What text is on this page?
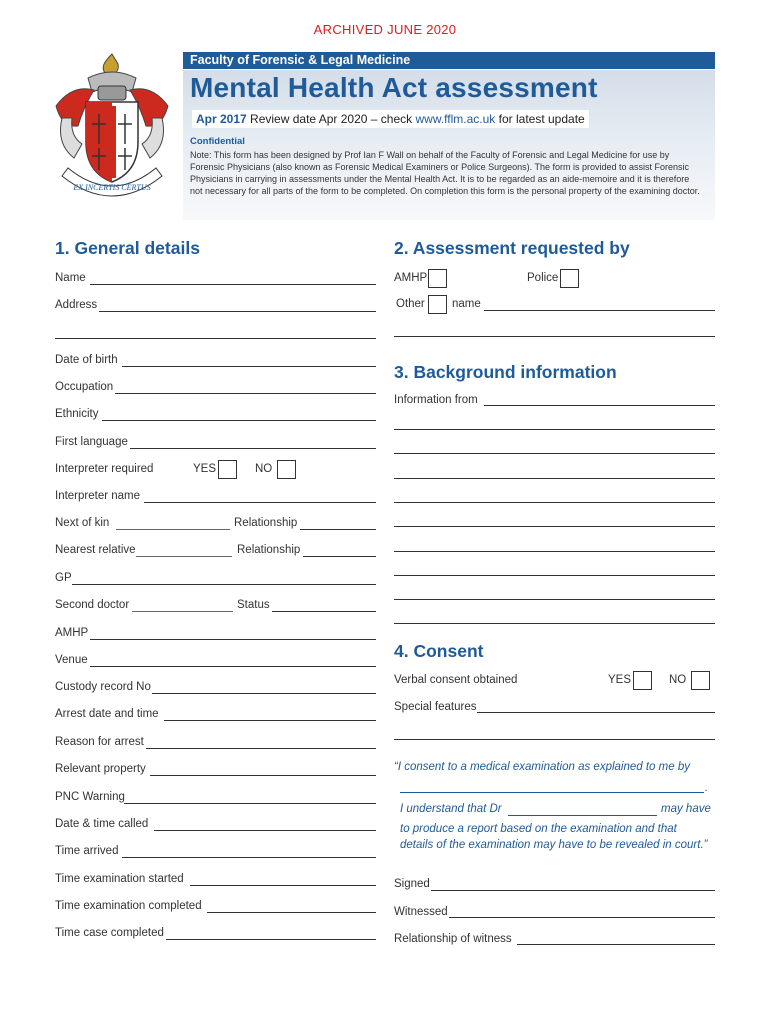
ARCHIVED JUNE 2020
EX INCERTIS CERTUS
Faculty of Forensic & Legal Medicine
Mental Health Act assessment
Apr 2017 Review date Apr 2020 – check www.fflm.ac.uk for latest update
Confidential
Note: This form has been designed by Prof Ian F Wall on behalf of the Faculty of Forensic and Legal Medicine for use by Forensic Physicians (also known as Forensic Medical Examiners or Police Surgeons). The form is provided to assist Forensic Physicians in carrying in assessments under the Mental Health Act. It is to be regarded as an aide-memoire and it is therefore not necessary for all parts of the form to be completed. On completion this form is the personal property of the examining doctor.
1. General details	2. Assessment requested by
3. Background information
4. Consent
Name
Address
Date of birth
Occupation
Ethnicity
First language
Interpreter required	YES	NO
Interpreter name
Next of kin	Relationship
Nearest relative	Relationship
GP
Second doctor	Status
AMHP
Venue
Custody record No
Arrest date and time
Reason for arrest
Relevant property
PNC Warning
Date & time called
Time arrived
Time examination started
Time examination completed
Time case completed
AMHP	Police
Other name
Information from
Verbal consent obtained	YES	NO
Special features
“I consent to a medical examination as explained to me by
.
I understand that Dr	may have
to produce a report based on the examination and that
details of the examination may have to be revealed in court.”
Signed
Witnessed
Relationship of witness
